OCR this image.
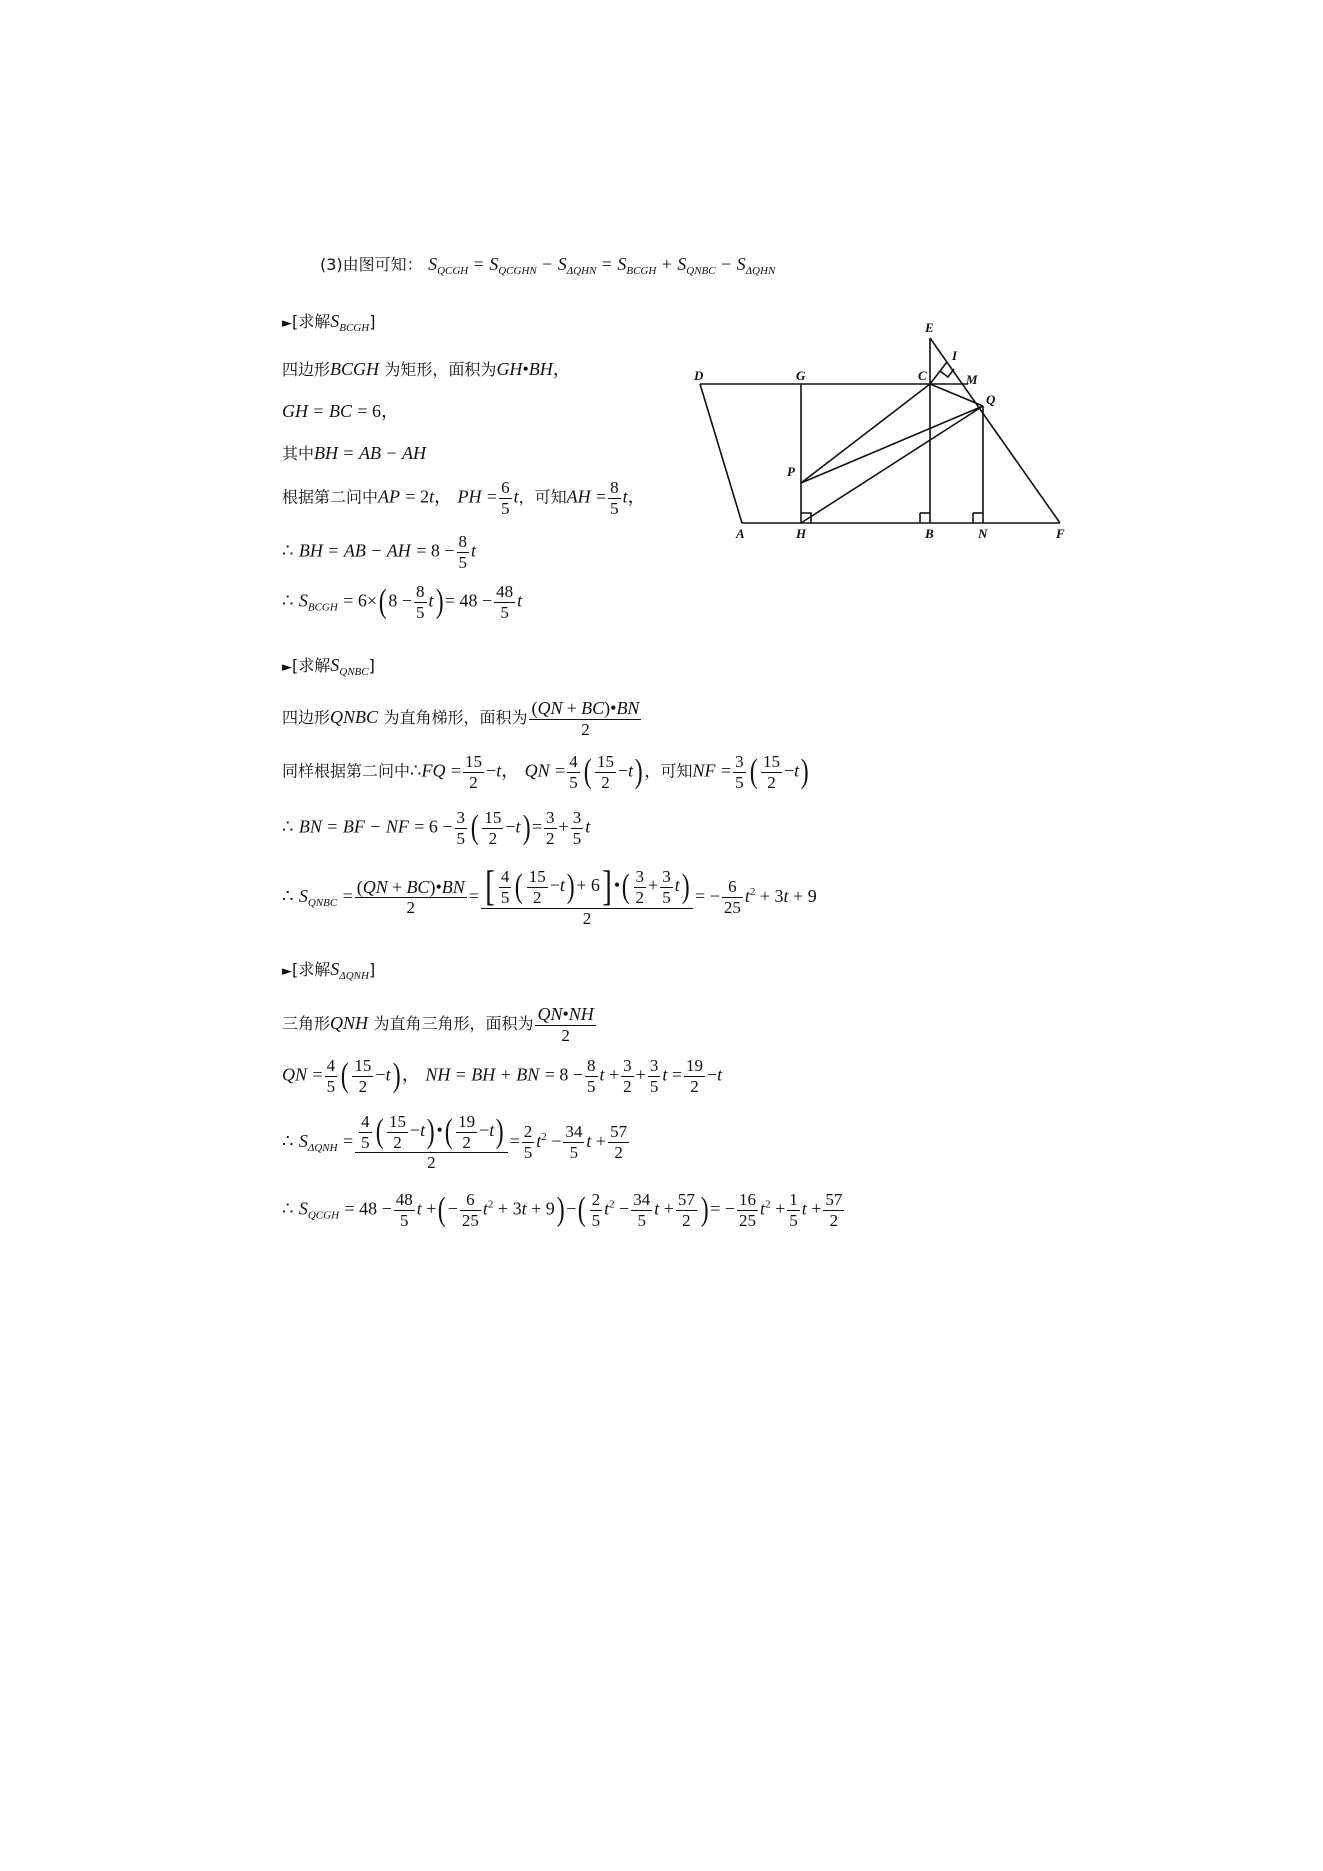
(3)由图可知： $S_{QCGH} = S_{QCGHN} - S_{\Delta QHN} = S_{BCGH} + S_{QNBC} - S_{\Delta QHN}$
►[求解$S_{BCGH}$]
四边形BCGH 为矩形，面积为GH•BH，
GH = BC = 6，
其中BH = AB − AH
根据第二问中AP = 2t， PH = $\frac{6}{5}$ t，可知AH = $\frac{8}{5}$ t，
∴ BH = AB − AH = $8 - \frac{8}{5}$ t
∴ $S_{BCGH} = 6\times(8 - \frac{8}{5} t)= 48 - \frac{48}{5}$ t
►[求解$S_{QNBC}$]
四边形QNBC 为直角梯形，面积为 $\frac{(QN + BC)•BN}{2}$
同样根据第二问中∴FQ = $\frac{15}{2} -t$， QN = $\frac{4}{5}$ ( $\frac{15}{2} -t$) ，可知NF = $\frac{3}{5}$ ( $\frac{15}{2} -t$)
∴ BN = BF − NF = $6 - \frac{3}{5}$ ( $\frac{15}{2} -t)= \frac{3}{2} + \frac{3}{5}$ t
∴ $S_{QNBC} = \frac{(QN + BC)•BN}{2} = \frac{[ \frac{4}{5} ( \frac{15}{2} -t)+ 6] •( \frac{3}{2} + \frac{3}{5} t)}{2}$ = − $\frac{6}{25} t^2 + 3t + 9$
►[求解$S_{\Delta QNH}$]
三角形QNH 为直角三角形，面积为 $\frac{QN•NH}{2}$
QN = $\frac{4}{5}$ ( $\frac{15}{2} -t$)， NH = BH + BN = $8 - \frac{8}{5}$ $t + \frac{3}{2} + \frac{3}{5}$ $t = \frac{19}{2} -t$
∴ $S_{\Delta QNH} = \frac{\frac{4}{5} ( \frac{15}{2} -t)•( \frac{19}{2} -t)}{2} = \frac{2}{5} t^2 - \frac{34}{5}$ $t + \frac{57}{2}$
∴ $S_{QCGH} = 48 - \frac{48}{5}$ t +(− $\frac{6}{25} t^2 + 3t + 9)-( \frac{2}{5} t^2 - \frac{34}{5}$ $t + \frac{57}{2}$ )= − $\frac{16}{25} t^2 + \frac{1}{5}$ $t + \frac{57}{2}$
E
I
D	G	C	M
Q
P
A	H	B	N	F
